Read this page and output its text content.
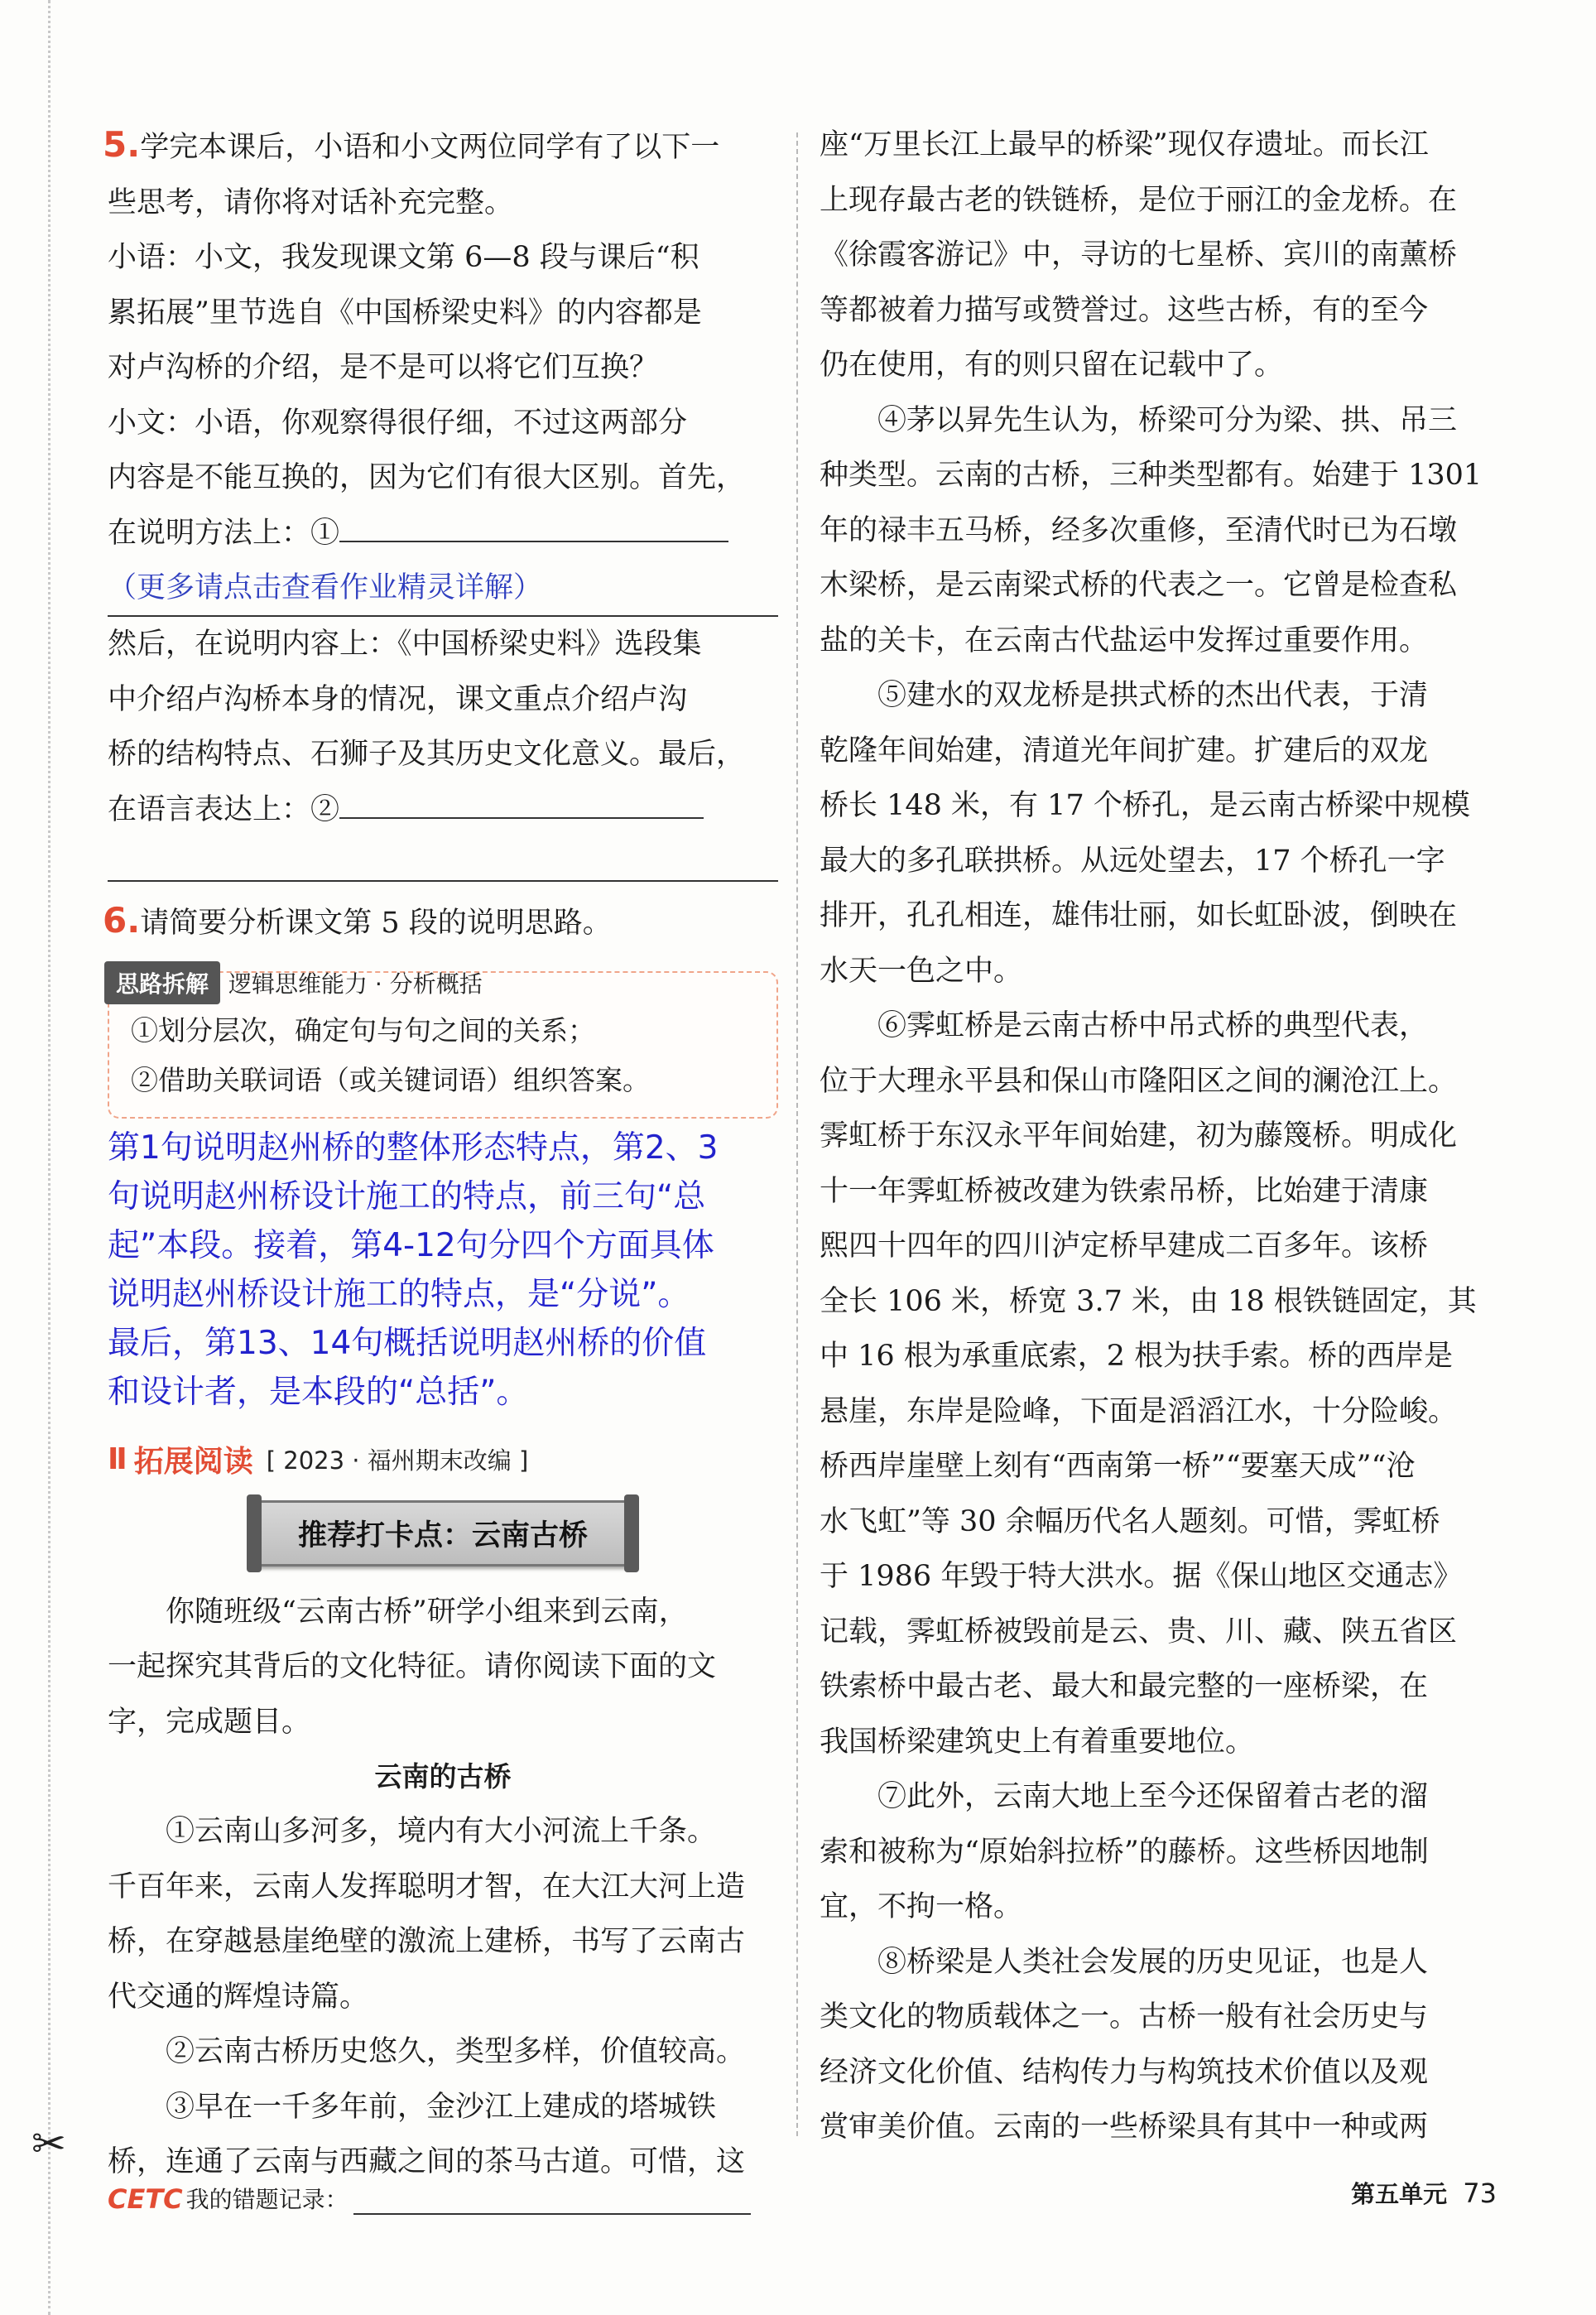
✂

5.学完本课后，小语和小文两位同学有了以下一

些思考，请你将对话补充完整。

小语：小文，我发现课文第 6—8 段与课后“积

累拓展”里节选自《中国桥梁史料》的内容都是

对卢沟桥的介绍，是不是可以将它们互换？

小文：小语，你观察得很仔细，不过这两部分

内容是不能互换的，因为它们有很大区别。首先，

在说明方法上：①

（更多请点击查看作业精灵详解）

然后，在说明内容上：《中国桥梁史料》选段集

中介绍卢沟桥本身的情况，课文重点介绍卢沟

桥的结构特点、石狮子及其历史文化意义。最后，

在语言表达上：②

6.请简要分析课文第 5 段的说明思路。

思路拆解 逻辑思维能力 · 分析概括

①划分层次，确定句与句之间的关系；

②借助关联词语（或关键词语）组织答案。

第1句说明赵州桥的整体形态特点，第2、3

句说明赵州桥设计施工的特点，前三句“总

起”本段。接着，第4-12句分四个方面具体

说明赵州桥设计施工的特点，是“分说”。

最后，第13、14句概括说明赵州桥的价值

和设计者，是本段的“总括”。

Ⅱ 拓展阅读 [ 2023 · 福州期末改编 ]
推荐打卡点：云南古桥

你随班级“云南古桥”研学小组来到云南，

一起探究其背后的文化特征。请你阅读下面的文

字，完成题目。

云南的古桥

①云南山多河多，境内有大小河流上千条。

千百年来，云南人发挥聪明才智，在大江大河上造

桥，在穿越悬崖绝壁的激流上建桥，书写了云南古

代交通的辉煌诗篇。

②云南古桥历史悠久，类型多样，价值较高。

③早在一千多年前，金沙江上建成的塔城铁

桥，连通了云南与西藏之间的茶马古道。可惜，这

座“万里长江上最早的桥梁”现仅存遗址。而长江

上现存最古老的铁链桥，是位于丽江的金龙桥。在

《徐霞客游记》中，寻访的七星桥、宾川的南薰桥

等都被着力描写或赞誉过。这些古桥，有的至今

仍在使用，有的则只留在记载中了。

④茅以昇先生认为，桥梁可分为梁、拱、吊三

种类型。云南的古桥，三种类型都有。始建于 1301

年的禄丰五马桥，经多次重修，至清代时已为石墩

木梁桥，是云南梁式桥的代表之一。它曾是检查私

盐的关卡，在云南古代盐运中发挥过重要作用。

⑤建水的双龙桥是拱式桥的杰出代表，于清

乾隆年间始建，清道光年间扩建。扩建后的双龙

桥长 148 米，有 17 个桥孔，是云南古桥梁中规模

最大的多孔联拱桥。从远处望去，17 个桥孔一字

排开，孔孔相连，雄伟壮丽，如长虹卧波，倒映在

水天一色之中。

⑥霁虹桥是云南古桥中吊式桥的典型代表，

位于大理永平县和保山市隆阳区之间的澜沧江上。

霁虹桥于东汉永平年间始建，初为藤篾桥。明成化

十一年霁虹桥被改建为铁索吊桥，比始建于清康

熙四十四年的四川泸定桥早建成二百多年。该桥

全长 106 米，桥宽 3.7 米，由 18 根铁链固定，其

中 16 根为承重底索，2 根为扶手索。桥的西岸是

悬崖，东岸是险峰，下面是滔滔江水，十分险峻。

桥西岸崖壁上刻有“西南第一桥”“要塞天成”“沧

水飞虹”等 30 余幅历代名人题刻。可惜，霁虹桥

于 1986 年毁于特大洪水。据《保山地区交通志》

记载，霁虹桥被毁前是云、贵、川、藏、陕五省区

铁索桥中最古老、最大和最完整的一座桥梁，在

我国桥梁建筑史上有着重要地位。

⑦此外，云南大地上至今还保留着古老的溜

索和被称为“原始斜拉桥”的藤桥。这些桥因地制

宜，不拘一格。

⑧桥梁是人类社会发展的历史见证，也是人

类文化的物质载体之一。古桥一般有社会历史与

经济文化价值、结构传力与构筑技术价值以及观

赏审美价值。云南的一些桥梁具有其中一种或两

CETC 我的错题记录：	第五单元 73
